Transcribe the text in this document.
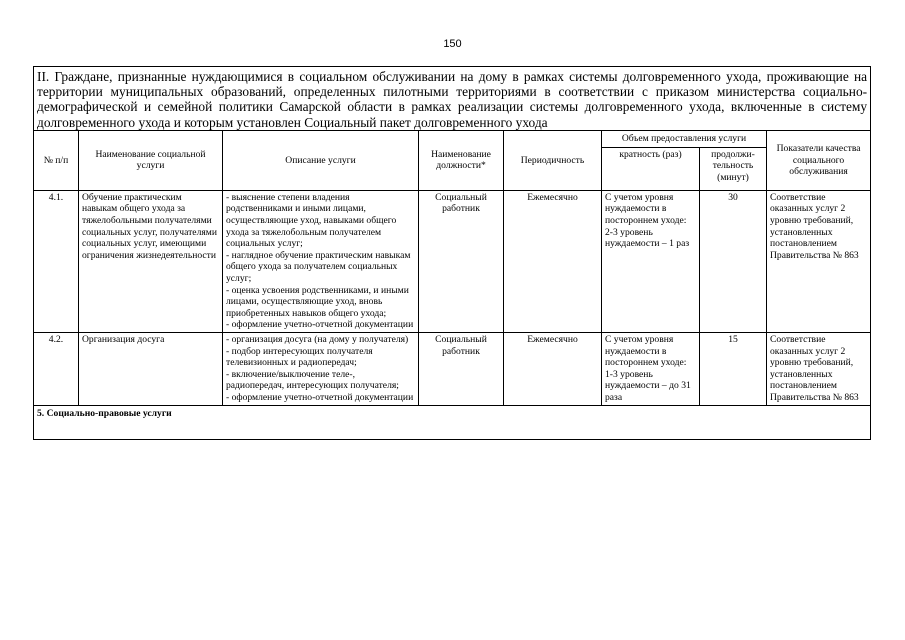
150
II. Граждане, признанные нуждающимися в социальном обслуживании на дому в рамках системы долговременного ухода, проживающие на территории муниципальных образований, определенных пилотными территориями в соответствии с приказом министерства социально-демографической и семейной политики Самарской области в рамках реализации системы долговременного ухода, включенные в систему долговременного ухода и которым установлен Социальный пакет долговременного ухода							
№ п/п	Наименование социальной услуги	Описание услуги	Наименование должности*	Периодичность	Объем предоставления услуги		Показатели качества социального обслуживания
					кратность (раз)	продолжи-тельность (минут)	
4.1.	Обучение практическим навыкам общего ухода за тяжелобольными получателями социальных услуг, получателями социальных услуг, имеющими ограничения жизнедеятельности	- выяснение степени владения родственниками и иными лицами, осуществляющие уход, навыками общего ухода за тяжелобольным получателем социальных услуг;
- наглядное обучение практическим навыкам общего ухода за получателем социальных услуг;
- оценка усвоения родственниками, и иными лицами, осуществляющие уход, вновь приобретенных навыков общего ухода;
- оформление учетно-отчетной документации	Социальный работник	Ежемесячно	С учетом уровня нуждаемости в постороннем уходе: 2-3 уровень нуждаемости – 1 раз	30	Соответствие оказанных услуг 2 уровню требований, установленных постановлением Правительства № 863
4.2.	Организация досуга	- организация досуга (на дому у получателя)
- подбор интересующих получателя телевизионных и радиопередач;
- включение/выключение теле-, радиопередач, интересующих получателя;
- оформление учетно-отчетной документации	Социальный работник	Ежемесячно	С учетом уровня нуждаемости в постороннем уходе: 1-3 уровень нуждаемости – до 31 раза	15	Соответствие оказанных услуг 2 уровню требований, установленных постановлением Правительства № 863
5. Социально-правовые услуги							
